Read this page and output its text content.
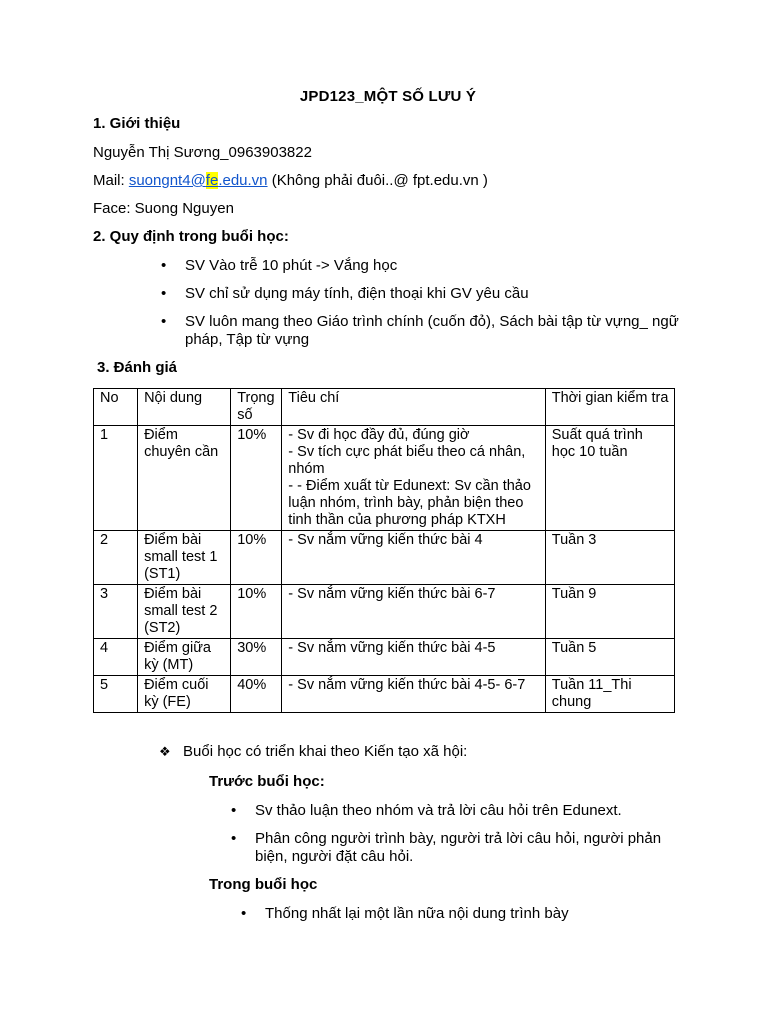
JPD123_MỘT SỐ LƯU Ý
1. Giới thiệu
Nguyễn Thị Sương_0963903822
Mail: suongnt4@fe.edu.vn (Không phải đuôi..@ fpt.edu.vn )
Face: Suong Nguyen
2. Quy định trong buổi học:
• SV Vào trễ 10 phút -> Vắng học
• SV chỉ sử dụng máy tính, điện thoại khi GV yêu cầu
• SV luôn mang theo Giáo trình chính (cuốn đỏ), Sách bài tập từ vựng_ ngữ pháp, Tập từ vựng
3. Đánh giá
No	Nội dung	Trọng số	Tiêu chí	Thời gian kiểm tra
1	Điểm chuyên cần	10%	- Sv đi học đầy đủ, đúng giờ
- Sv tích cực phát biểu theo cá nhân, nhóm
- - Điểm xuất từ Edunext: Sv cần thảo luận nhóm, trình bày, phản biện theo tinh thần của phương pháp KTXH	Suất quá trình học 10 tuần
2	Điểm bài small test 1 (ST1)	10%	- Sv nắm vững kiến thức bài 4	Tuần 3
3	Điểm bài small test 2 (ST2)	10%	- Sv nắm vững kiến thức bài 6-7	Tuần 9
4	Điểm giữa kỳ (MT)	30%	- Sv nắm vững kiến thức bài 4-5	Tuần 5
5	Điểm cuối kỳ (FE)	40%	- Sv nắm vững kiến thức bài 4-5- 6-7	Tuần 11_Thi chung
❖ Buổi học có triển khai theo Kiến tạo xã hội:
Trước buổi học:
• Sv thảo luận theo nhóm và trả lời câu hỏi trên Edunext.
• Phân công người trình bày, người trả lời câu hỏi, người phản biện, người đặt câu hỏi.
Trong buổi học
• Thống nhất lại một lần nữa nội dung trình bày
